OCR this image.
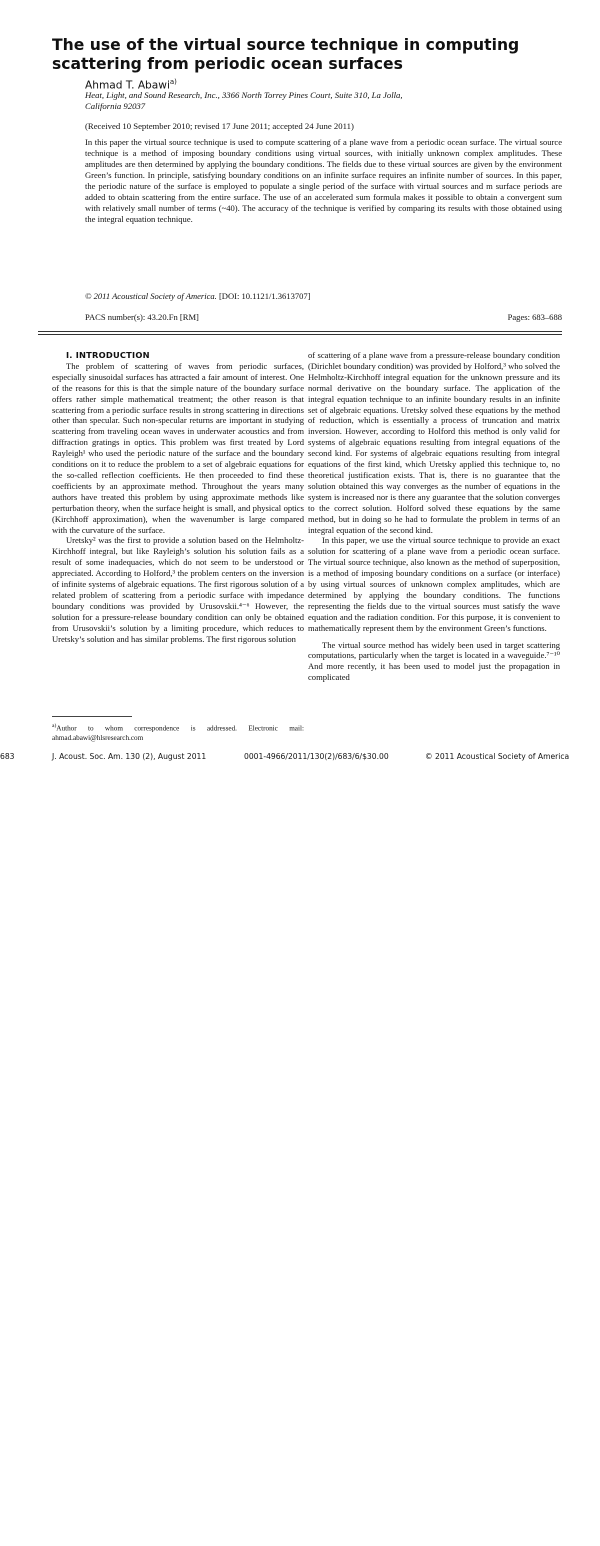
The use of the virtual source technique in computing scattering from periodic ocean surfaces
Ahmad T. Abawi$^{a)}$
Heat, Light, and Sound Research, Inc., 3366 North Torrey Pines Court, Suite 310, La Jolla, California 92037
(Received 10 September 2010; revised 17 June 2011; accepted 24 June 2011)

In this paper the virtual source technique is used to compute scattering of a plane wave from a periodic ocean surface. The virtual source technique is a method of imposing boundary conditions using virtual sources, with initially unknown complex amplitudes. These amplitudes are then determined by applying the boundary conditions. The fields due to these virtual sources are given by the environment Green’s function. In principle, satisfying boundary conditions on an infinite surface requires an infinite number of sources. In this paper, the periodic nature of the surface is employed to populate a single period of the surface with virtual sources and m surface periods are added to obtain scattering from the entire surface. The use of an accelerated sum formula makes it possible to obtain a convergent sum with relatively small number of terms (~40). The accuracy of the technique is verified by comparing its results with those obtained using the integral equation technique.

© 2011 Acoustical Society of America. [DOI: 10.1121/1.3613707]
PACS number(s): 43.20.Fn [RM]	Pages: 683–688

I. INTRODUCTION

The problem of scattering of waves from periodic surfaces, especially sinusoidal surfaces has attracted a fair amount of interest. One of the reasons for this is that the simple nature of the boundary surface offers rather simple mathematical treatment; the other reason is that scattering from a periodic surface results in strong scattering in directions other than specular. Such non-specular returns are important in studying scattering from traveling ocean waves in underwater acoustics and from diffraction gratings in optics. This problem was first treated by Lord Rayleigh¹ who used the periodic nature of the surface and the boundary conditions on it to reduce the problem to a set of algebraic equations for the so-called reflection coefficients. He then proceeded to find these coefficients by an approximate method. Throughout the years many authors have treated this problem by using approximate methods like perturbation theory, when the surface height is small, and physical optics (Kirchhoff approximation), when the wavenumber is large compared with the curvature of the surface.

Uretsky² was the first to provide a solution based on the Helmholtz-Kirchhoff integral, but like Rayleigh’s solution his solution fails as a result of some inadequacies, which do not seem to be understood or appreciated. According to Holford,³ the problem centers on the inversion of infinite systems of algebraic equations. The first rigorous solution of a related problem of scattering from a periodic surface with impedance boundary conditions was provided by Urusovskii.⁴⁻⁶ However, the solution for a pressure-release boundary condition can only be obtained from Urusovskii’s solution by a limiting procedure, which reduces to Uretsky’s solution and has similar problems. The first rigorous solution

of scattering of a plane wave from a pressure-release boundary condition (Dirichlet boundary condition) was provided by Holford,³ who solved the Helmholtz-Kirchhoff integral equation for the unknown pressure and its normal derivative on the boundary surface. The application of the integral equation technique to an infinite boundary results in an infinite set of algebraic equations. Uretsky solved these equations by the method of reduction, which is essentially a process of truncation and matrix inversion. However, according to Holford this method is only valid for systems of algebraic equations resulting from integral equations of the second kind. For systems of algebraic equations resulting from integral equations of the first kind, which Uretsky applied this technique to, no theoretical justification exists. That is, there is no guarantee that the solution obtained this way converges as the number of equations in the system is increased nor is there any guarantee that the solution converges to the correct solution. Holford solved these equations by the same method, but in doing so he had to formulate the problem in terms of an integral equation of the second kind.

In this paper, we use the virtual source technique to provide an exact solution for scattering of a plane wave from a periodic ocean surface. The virtual source technique, also known as the method of superposition, is a method of imposing boundary conditions on a surface (or interface) by using virtual sources of unknown complex amplitudes, which are determined by applying the boundary conditions. The functions representing the fields due to the virtual sources must satisfy the wave equation and the radiation condition. For this purpose, it is convenient to mathematically represent them by the environment Green’s functions.

The virtual source method has widely been used in target scattering computations, particularly when the target is located in a waveguide.⁷⁻¹⁰ And more recently, it has been used to model just the propagation in complicated

$^{a)}$Author to whom correspondence is addressed. Electronic mail: ahmad.abawi@hlsresearch.com
J. Acoust. Soc. Am. 130 (2), August 2011	0001-4966/2011/130(2)/683/6/$30.00	© 2011 Acoustical Society of America
683
